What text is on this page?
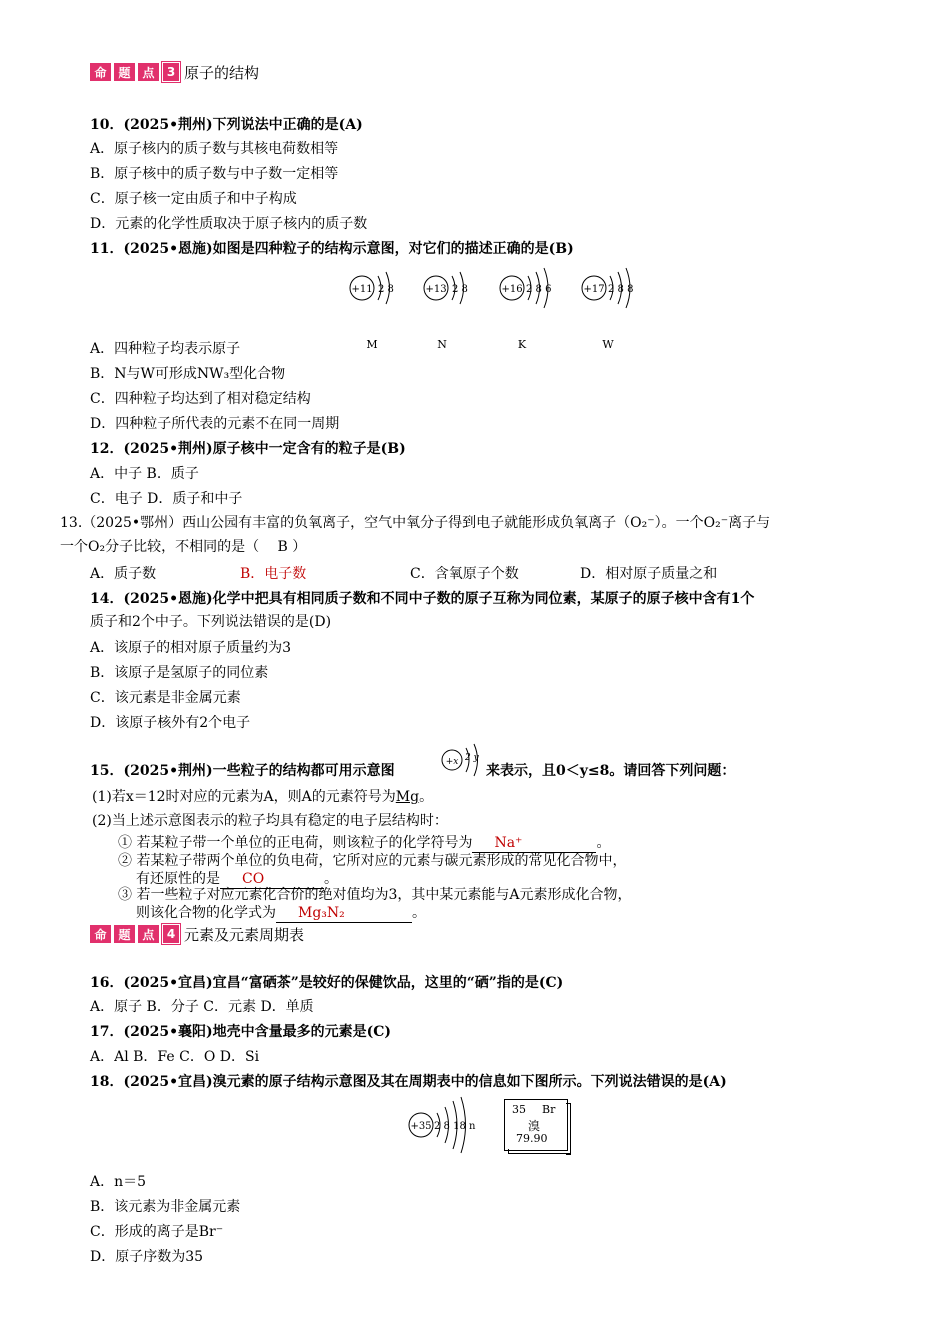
命 题 点	3 原子的结构
10．(2025•荆州)下列说法中正确的是(A)
A．原子核内的质子数与其核电荷数相等
B．原子核中的质子数与中子数一定相等
C．原子核一定由质子和中子构成
D．元素的化学性质取决于原子核内的质子数
11．(2025•恩施)如图是四种粒子的结构示意图，对它们的描述正确的是(B)
+11 2 8
M
+13 2 8
N
+16 2 8 6
K
+17 2 8 8
W
A．四种粒子均表示原子
B．N与W可形成NW₃型化合物
C．四种粒子均达到了相对稳定结构
D．四种粒子所代表的元素不在同一周期
12．(2025•荆州)原子核中一定含有的粒子是(B)
A．中子 B．质子
C．电子 D．质子和中子
13.（2025•鄂州）西山公园有丰富的负氧离子，空气中氧分子得到电子就能形成负氧离子（O₂⁻）。一个O₂⁻离子与
一个O₂分子比较，不相同的是（　 B ）
A．质子数	B．电子数	C．含氧原子个数	D．相对原子质量之和
14．(2025•恩施)化学中把具有相同质子数和不同中子数的原子互称为同位素，某原子的原子核中含有1个
质子和2个中子。下列说法错误的是(D)
A．该原子的相对原子质量约为3
B．该原子是氢原子的同位素
C．该元素是非金属元素
D．该原子核外有2个电子
15．(2025•荆州)一些粒子的结构都可用示意图
+x 2 y
来表示，且0＜y≤8。请回答下列问题：
(1)若x＝12时对应的元素为A，则A的元素符号为Mg。
(2)当上述示意图表示的粒子均具有稳定的电子层结构时：
① 若某粒子带一个单位的正电荷，则该粒子的化学符号为 Na⁺	。
② 若某粒子带两个单位的负电荷，它所对应的元素与碳元素形成的常见化合物中，
有还原性的是 CO	。
③ 若一些粒子对应元素化合价的绝对值均为3，其中某元素能与A元素形成化合物，
则该化合物的化学式为 Mg₃N₂	。
命 题 点	4 元素及元素周期表
16．(2025•宜昌)宜昌“富硒茶”是较好的保健饮品，这里的“硒”指的是(C)
A．原子 B．分子 C．元素 D．单质
17．(2025•襄阳)地壳中含量最多的元素是(C)
A．Al B．Fe C．O D．Si
18．(2025•宜昌)溴元素的原子结构示意图及其在周期表中的信息如下图所示。下列说法错误的是(A)
+35 2 8 18 n
35 Br
溴
79.90
A．n＝5
B．该元素为非金属元素
C．形成的离子是Br⁻
D．原子序数为35
